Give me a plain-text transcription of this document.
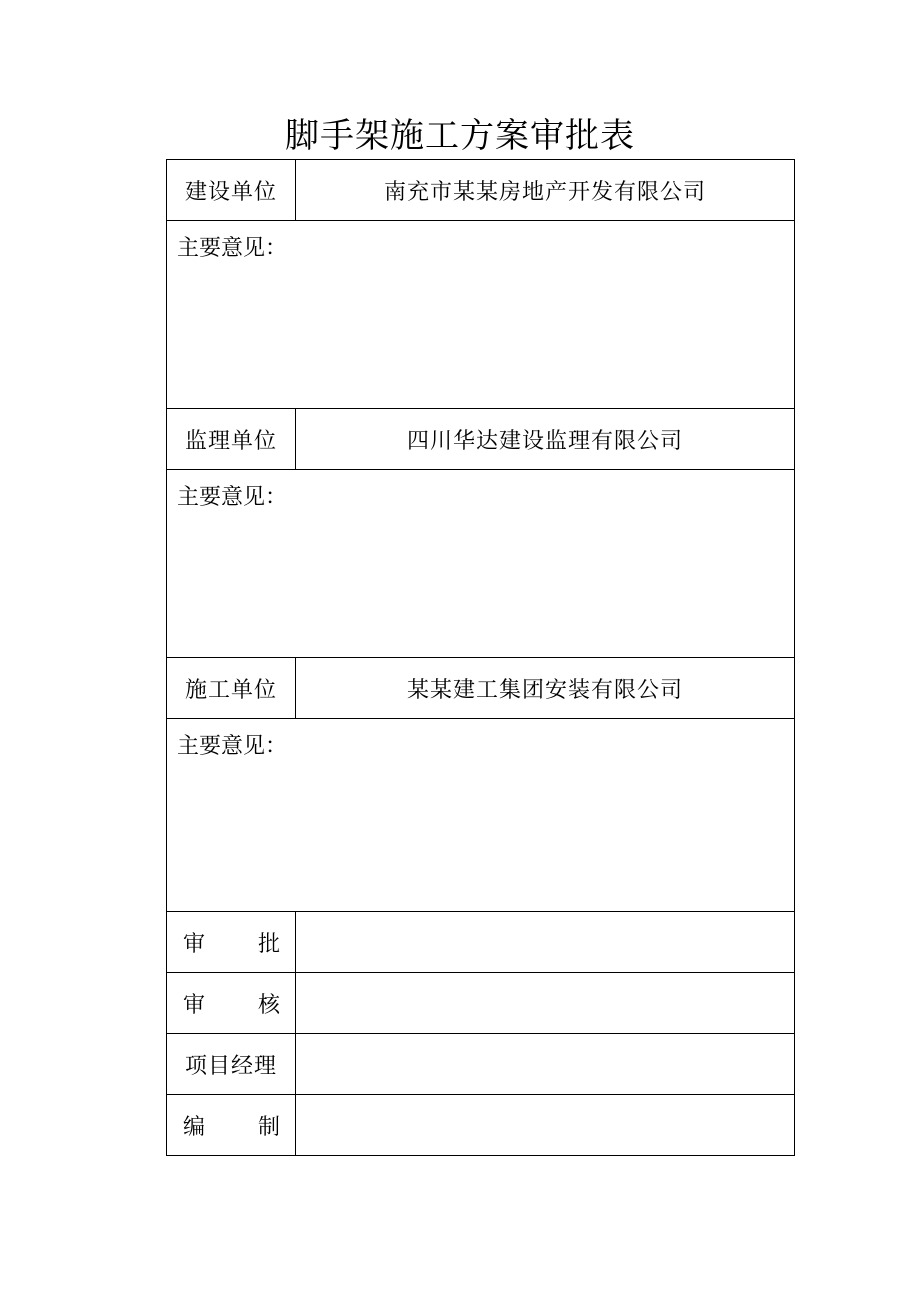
脚手架施工方案审批表
建设单位	南充市某某房地产开发有限公司
主要意见：	
监理单位	四川华达建设监理有限公司
主要意见：	
施工单位	某某建工集团安装有限公司
主要意见：	

审 批	

审 核	

项目经理	

编 制	
